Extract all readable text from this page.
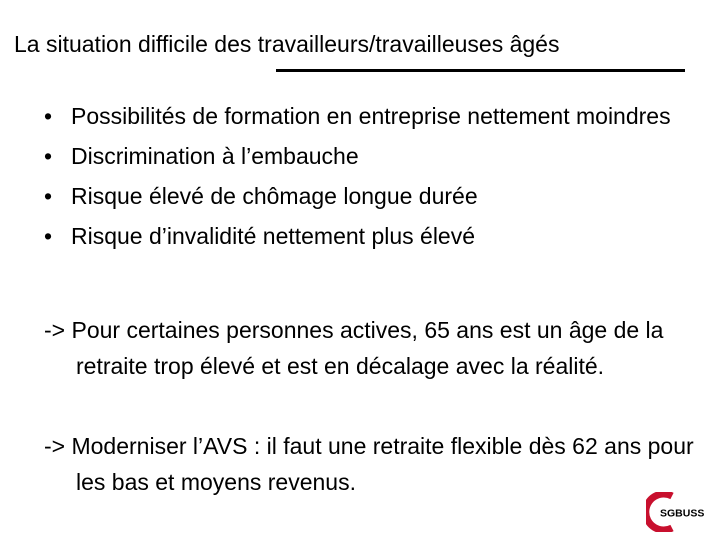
La situation difficile des travailleurs/travailleuses âgés
• Possibilités de formation en entreprise nettement moindres
• Discrimination à l’embauche
• Risque élevé de chômage longue durée
• Risque d’invalidité nettement plus élevé
-> Pour certaines personnes actives, 65 ans est un âge de la retraite trop élevé et est en décalage avec la réalité.
-> Moderniser l’AVS : il faut une retraite flexible dès 62 ans pour les bas et moyens revenus.
SGBUSS
